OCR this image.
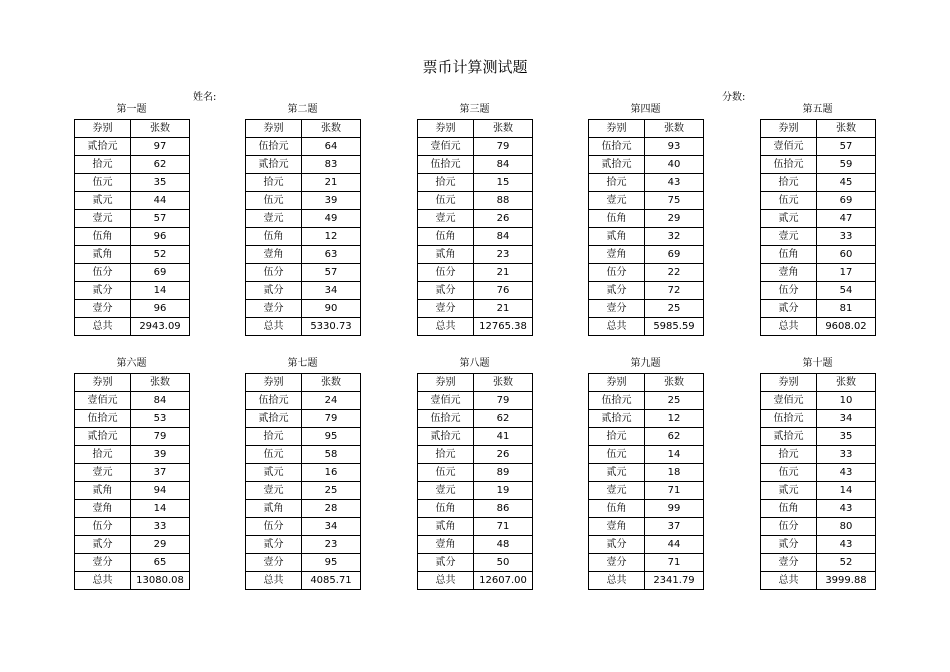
票币计算测试题
姓名:	分数:
第一题
券别	张数
贰拾元	97
拾元	62
伍元	35
贰元	44
壹元	57
伍角	96
贰角	52
伍分	69
贰分	14
壹分	96
总共	2943.09
第二题
券别	张数
伍拾元	64
贰拾元	83
拾元	21
伍元	39
壹元	49
伍角	12
壹角	63
伍分	57
贰分	34
壹分	90
总共	5330.73
第三题
券别	张数
壹佰元	79
伍拾元	84
拾元	15
伍元	88
壹元	26
伍角	84
贰角	23
伍分	21
贰分	76
壹分	21
总共	12765.38
第四题
券别	张数
伍拾元	93
贰拾元	40
拾元	43
壹元	75
伍角	29
贰角	32
壹角	69
伍分	22
贰分	72
壹分	25
总共	5985.59
第五题
券别	张数
壹佰元	57
伍拾元	59
拾元	45
伍元	69
贰元	47
壹元	33
伍角	60
壹角	17
伍分	54
贰分	81
总共	9608.02
第六题
券别	张数
壹佰元	84
伍拾元	53
贰拾元	79
拾元	39
壹元	37
贰角	94
壹角	14
伍分	33
贰分	29
壹分	65
总共	13080.08
第七题
券别	张数
伍拾元	24
贰拾元	79
拾元	95
伍元	58
贰元	16
壹元	25
贰角	28
伍分	34
贰分	23
壹分	95
总共	4085.71
第八题
券别	张数
壹佰元	79
伍拾元	62
贰拾元	41
拾元	26
伍元	89
壹元	19
伍角	86
贰角	71
壹角	48
贰分	50
总共	12607.00
第九题
券别	张数
伍拾元	25
贰拾元	12
拾元	62
伍元	14
贰元	18
壹元	71
伍角	99
壹角	37
贰分	44
壹分	71
总共	2341.79
第十题
券别	张数
壹佰元	10
伍拾元	34
贰拾元	35
拾元	33
伍元	43
贰元	14
伍角	43
伍分	80
贰分	43
壹分	52
总共	3999.88
